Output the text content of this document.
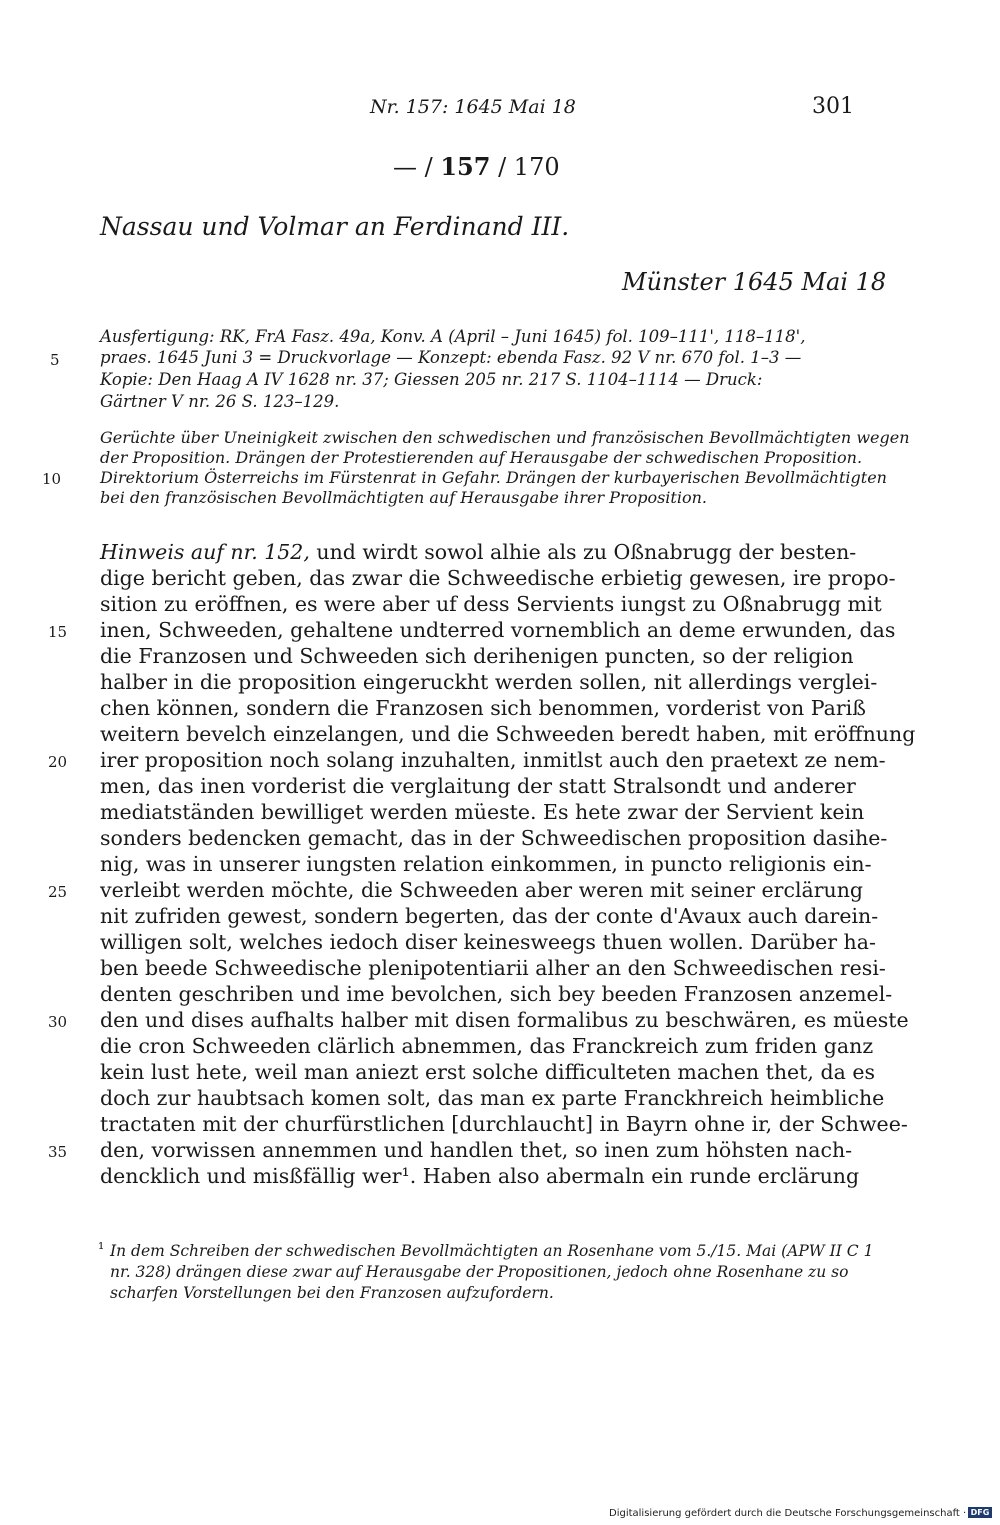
Nr. 157: 1645 Mai 18	301
— / 157 / 170
Nassau und Volmar an Ferdinand III.
Münster 1645 Mai 18
Ausfertigung: RK, FrA Fasz. 49a, Konv. A (April – Juni 1645) fol. 109–111', 118–118',
praes. 1645 Juni 3 = Druckvorlage — Konzept: ebenda Fasz. 92 V nr. 670 fol. 1–3 —
Kopie: Den Haag A IV 1628 nr. 37; Giessen 205 nr. 217 S. 1104–1114 — Druck:
Gärtner V nr. 26 S. 123–129.
5
Gerüchte über Uneinigkeit zwischen den schwedischen und französischen Bevollmächtigten wegen
der Proposition. Drängen der Protestierenden auf Herausgabe der schwedischen Proposition.
Direktorium Österreichs im Fürstenrat in Gefahr. Drängen der kurbayerischen Bevollmächtigten
bei den französischen Bevollmächtigten auf Herausgabe ihrer Proposition.
10
Hinweis auf nr. 152, und wirdt sowol alhie als zu Oßnabrugg der besten-
dige bericht geben, das zwar die Schweedische erbietig gewesen, ire propo-
sition zu eröffnen, es were aber uf dess Servients iungst zu Oßnabrugg mit
inen, Schweeden, gehaltene undterred vornemblich an deme erwunden, das
die Franzosen und Schweeden sich derihenigen puncten, so der religion
halber in die proposition eingeruckht werden sollen, nit allerdings verglei-
chen können, sondern die Franzosen sich benommen, vorderist von Pariß
weitern bevelch einzelangen, und die Schweeden beredt haben, mit eröffnung
irer proposition noch solang inzuhalten, inmitlst auch den praetext ze nem-
men, das inen vorderist die verglaitung der statt Stralsondt und anderer
mediatständen bewilliget werden müeste. Es hete zwar der Servient kein
sonders bedencken gemacht, das in der Schweedischen proposition dasihe-
nig, was in unserer iungsten relation einkommen, in puncto religionis ein-
verleibt werden möchte, die Schweeden aber weren mit seiner erclärung
nit zufriden gewest, sondern begerten, das der conte d'Avaux auch darein-
willigen solt, welches iedoch diser keinesweegs thuen wollen. Darüber ha-
ben beede Schweedische plenipotentiarii alher an den Schweedischen resi-
denten geschriben und ime bevolchen, sich bey beeden Franzosen anzemel-
den und dises aufhalts halber mit disen formalibus zu beschwären, es müeste
die cron Schweeden clärlich abnemmen, das Franckreich zum friden ganz
kein lust hete, weil man aniezt erst solche difficulteten machen thet, da es
doch zur haubtsach komen solt, das man ex parte Franckhreich heimbliche
tractaten mit der churfürstlichen [durchlaucht] in Bayrn ohne ir, der Schwee-
den, vorwissen annemmen und handlen thet, so inen zum höhsten nach-
dencklich und misßfällig wer¹. Haben also abermaln ein runde erclärung
15
20
25
30
35
¹ In dem Schreiben der schwedischen Bevollmächtigten an Rosenhane vom 5./15. Mai (APW II C 1
nr. 328) drängen diese zwar auf Herausgabe der Propositionen, jedoch ohne Rosenhane zu so
scharfen Vorstellungen bei den Franzosen aufzufordern.
Digitalisierung gefördert durch die Deutsche Forschungsgemeinschaft · DFG
